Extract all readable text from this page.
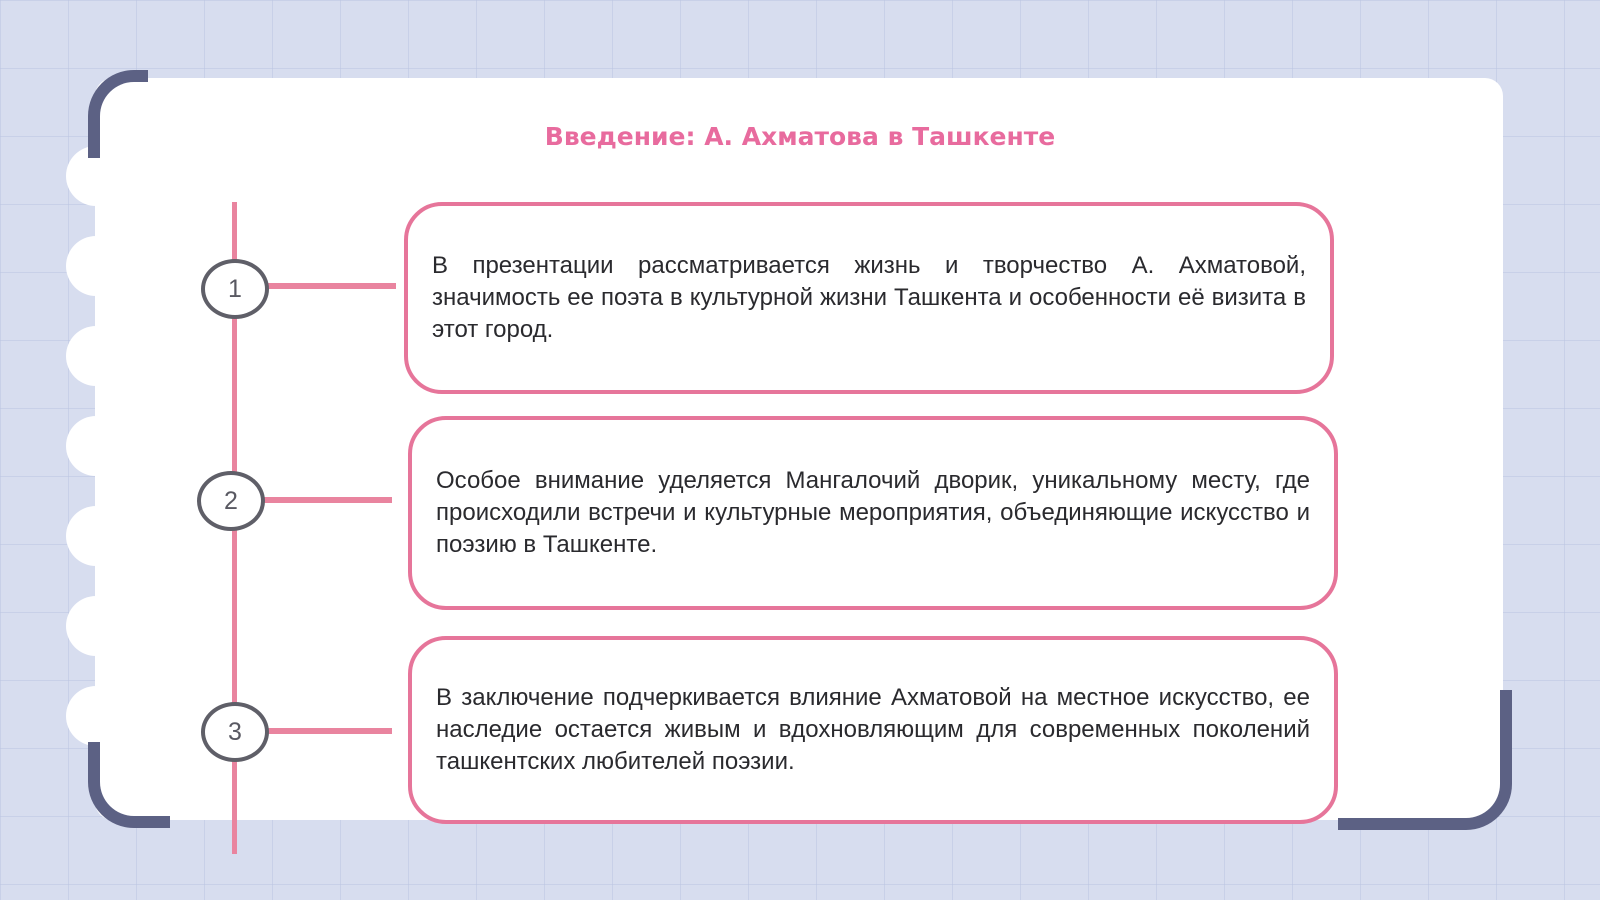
Введение: А. Ахматова в Ташкенте
1

В презентации рассматривается жизнь и творчество А. Ахматовой, значимость ее поэта в культурной жизни Ташкента и особенности её визита в этот город.

2

Особое внимание уделяется Мангалочий дворик, уникальному месту, где происходили встречи и культурные мероприятия, объединяющие искусство и поэзию в Ташкенте.

3

В заключение подчеркивается влияние Ахматовой на местное искусство, ее наследие остается живым и вдохновляющим для современных поколений ташкентских любителей поэзии.
